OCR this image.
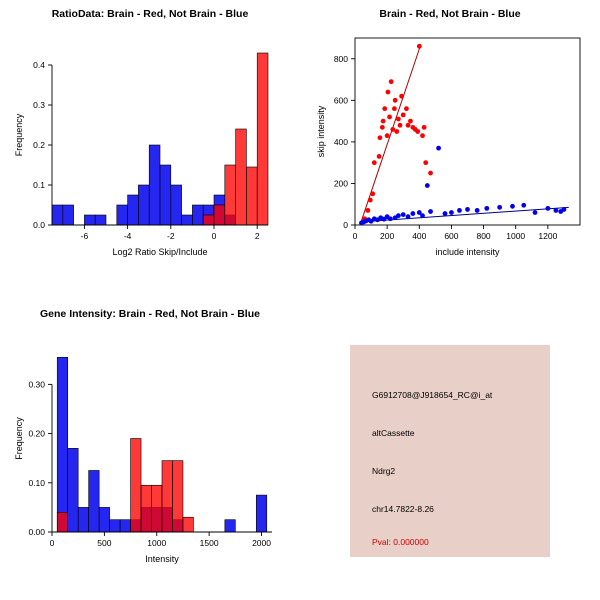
RatioData: Brain - Red, Not Brain - Blue
-6	-4	-2	0	2
0.0
0.1
0.2
0.3
0.4
Log2 Ratio Skip/Include
Frequency
Brain - Red, Not Brain - Blue
0	200 400 600 800 1000 1200
0
200
400
600
800
include intensity
skip intensity
Gene Intensity: Brain - Red, Not Brain - Blue
0	500	1000	1500	2000
0.00
0.10
0.20
0.30
Intensity
Frequency
G6912708@J918654_RC@i_at
altCassette
Ndrg2
chr14.7822-8.26
Pval: 0.000000
